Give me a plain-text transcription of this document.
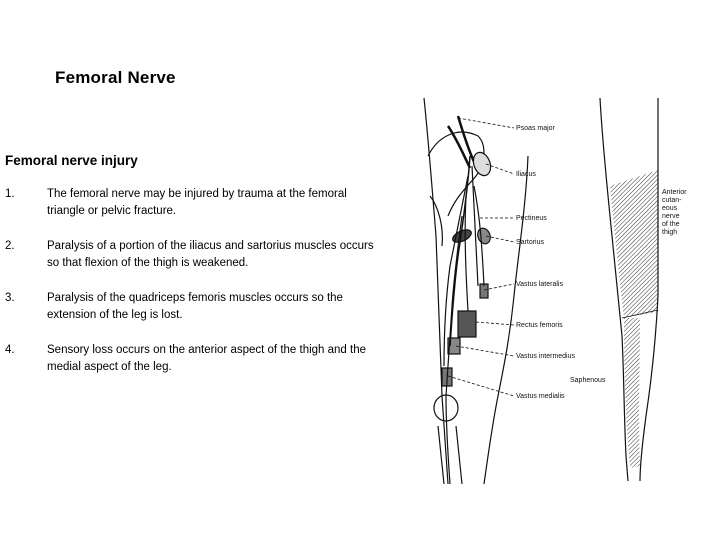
Femoral Nerve
Femoral nerve injury
1.	The femoral nerve may be injured by trauma at the femoral triangle or pelvic fracture.
2.	Paralysis of a portion of the iliacus and sartorius muscles occurs so that flexion of the thigh is weakened.
3.	Paralysis of the quadriceps femoris muscles occurs so the extension of the leg is lost.
4.	Sensory loss occurs on the anterior aspect of the thigh and the medial aspect of the leg.
Psoas major
Iliacus
Pectineus
Sartorius
Vastus lateralis
Rectus femoris
Vastus intermedius
Vastus medialis
Anterior
cutan-
eous
nerve
of the
thigh
Saphenous
